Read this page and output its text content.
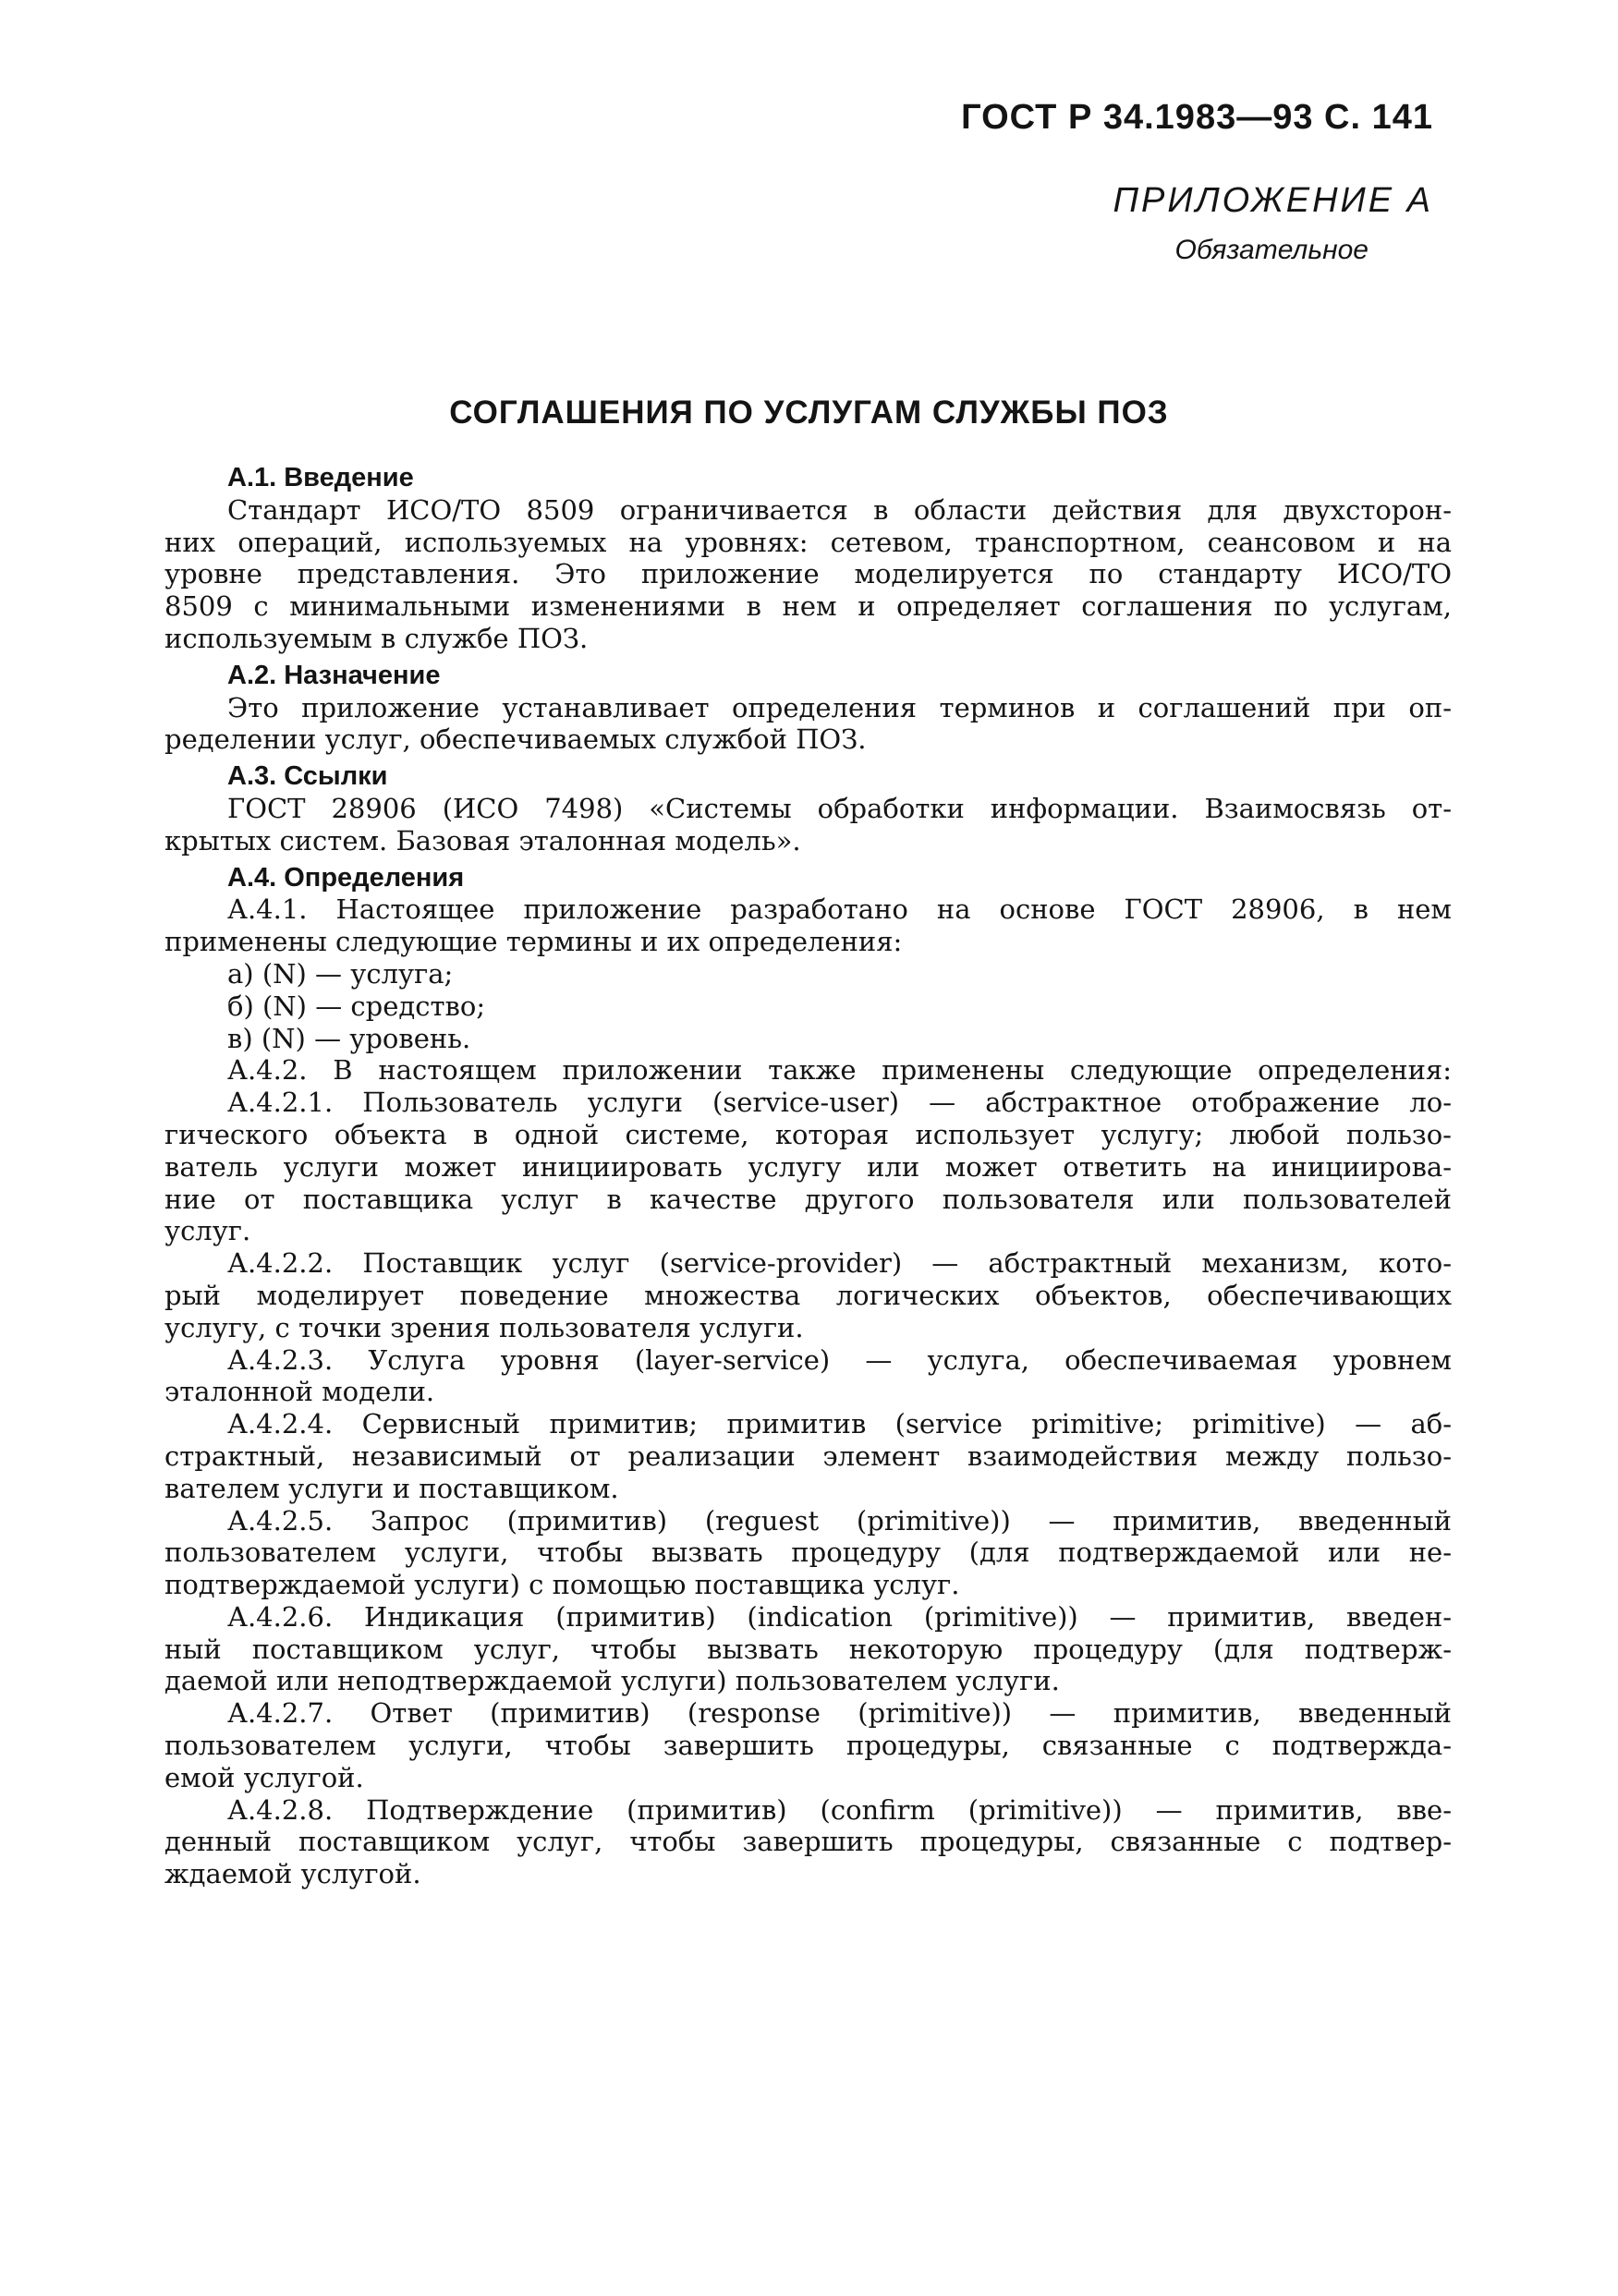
ГОСТ Р 34.1983—93 С. 141
ПРИЛОЖЕНИЕ А
Обязательное
СОГЛАШЕНИЯ ПО УСЛУГАМ СЛУЖБЫ ПОЗ
А.1. Введение
Стандарт ИСО/ТО 8509 ограничивается в области действия для двухсторон-
них операций, используемых на уровнях: сетевом, транспортном, сеансовом и на
уровне представления. Это приложение моделируется по стандарту ИСО/ТО
8509 с минимальными изменениями в нем и определяет соглашения по услугам,
используемым в службе ПОЗ.
А.2. Назначение
Это приложение устанавливает определения терминов и соглашений при оп-
ределении услуг, обеспечиваемых службой ПОЗ.
А.3. Ссылки
ГОСТ 28906 (ИСО 7498) «Системы обработки информации. Взаимосвязь от-
крытых систем. Базовая эталонная модель».
А.4. Определения
А.4.1. Настоящее приложение разработано на основе ГОСТ 28906, в нем
применены следующие термины и их определения:
а) (N) — услуга;
б) (N) — средство;
в) (N) — уровень.
А.4.2. В настоящем приложении также применены следующие определения:
А.4.2.1. Пользователь услуги (service-user) — абстрактное отображение ло-
гического объекта в одной системе, которая использует услугу; любой пользо-
ватель услуги может инициировать услугу или может ответить на инициирова-
ние от поставщика услуг в качестве другого пользователя или пользователей
услуг.
А.4.2.2. Поставщик услуг (service-provider) — абстрактный механизм, кото-
рый моделирует поведение множества логических объектов, обеспечивающих
услугу, с точки зрения пользователя услуги.
А.4.2.3. Услуга уровня (layer-service) — услуга, обеспечиваемая уровнем
эталонной модели.
А.4.2.4. Сервисный примитив; примитив (service primitive; primitive) — аб-
страктный, независимый от реализации элемент взаимодействия между пользо-
вателем услуги и поставщиком.
А.4.2.5. Запрос (примитив) (reguest (primitive)) — примитив, введенный
пользователем услуги, чтобы вызвать процедуру (для подтверждаемой или не-
подтверждаемой услуги) с помощью поставщика услуг.
А.4.2.6. Индикация (примитив) (indication (primitive)) — примитив, введен-
ный поставщиком услуг, чтобы вызвать некоторую процедуру (для подтверж-
даемой или неподтверждаемой услуги) пользователем услуги.
А.4.2.7. Ответ (примитив) (response (primitive)) — примитив, введенный
пользователем услуги, чтобы завершить процедуры, связанные с подтвержда-
емой услугой.
А.4.2.8. Подтверждение (примитив) (confirm (primitive)) — примитив, вве-
денный поставщиком услуг, чтобы завершить процедуры, связанные с подтвер-
ждаемой услугой.
